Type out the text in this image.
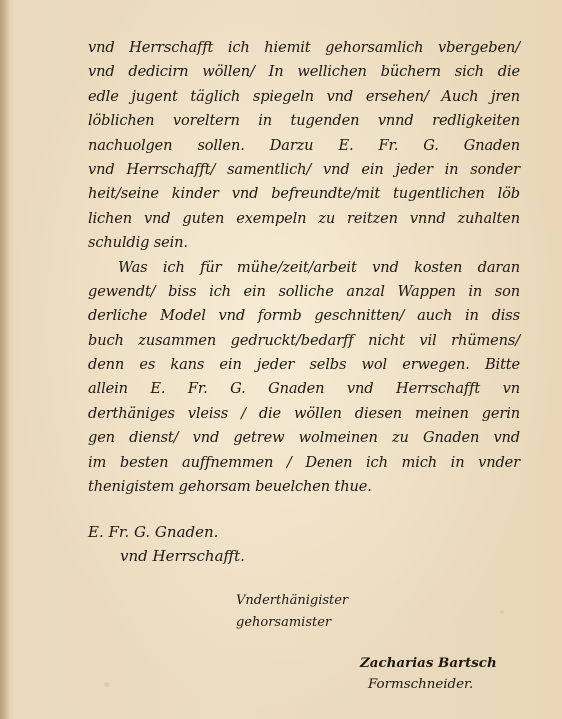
vnd Herrschafft ich hiemit gehorsamlich vbergeben/
vnd dedicirn wöllen/ In wellichen büchern sich die
edle jugent täglich spiegeln vnd ersehen/ Auch jren
löblichen voreltern in tugenden vnnd redligkeiten
nachuolgen sollen. Darzu E. Fr. G. Gnaden
vnd Herrschafft/ samentlich/ vnd ein jeder in sonder
heit/seine kinder vnd befreundte/mit tugentlichen löb
lichen vnd guten exempeln zu reitzen vnnd zuhalten
schuldig sein.
Was ich für mühe/zeit/arbeit vnd kosten daran
gewendt/ biss ich ein solliche anzal Wappen in son
derliche Model vnd formb geschnitten/ auch in diss
buch zusammen gedruckt/bedarff nicht vil rhümens/
denn es kans ein jeder selbs wol erwegen. Bitte
allein E. Fr. G. Gnaden vnd Herrschafft vn
derthäniges vleiss / die wöllen diesen meinen gerin
gen dienst/ vnd getrew wolmeinen zu Gnaden vnd
im besten auffnemmen / Denen ich mich in vnder
thenigistem gehorsam beuelchen thue.
E. Fr. G. Gnaden.
vnd Herrschafft.
Vnderthänigister
gehorsamister
Zacharias Bartsch
Formschneider.
